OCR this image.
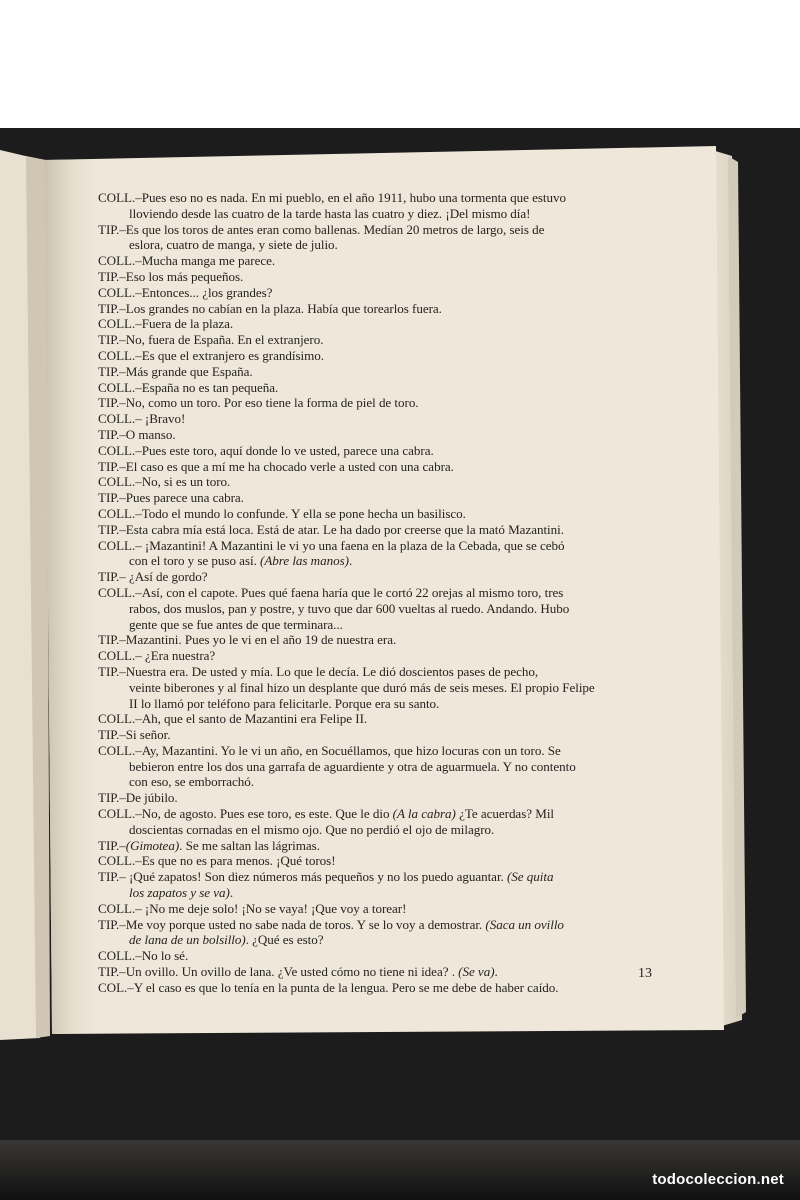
COLL.–Pues eso no es nada. En mi pueblo, en el año 1911, hubo una tormenta que estuvo

lloviendo desde las cuatro de la tarde hasta las cuatro y diez. ¡Del mismo día!

TIP.–Es que los toros de antes eran como ballenas. Medían 20 metros de largo, seis de

eslora, cuatro de manga, y siete de julio.

COLL.–Mucha manga me parece.

TIP.–Eso los más pequeños.

COLL.–Entonces... ¿los grandes?

TIP.–Los grandes no cabían en la plaza. Había que torearlos fuera.

COLL.–Fuera de la plaza.

TIP.–No, fuera de España. En el extranjero.

COLL.–Es que el extranjero es grandísimo.

TIP.–Más grande que España.

COLL.–España no es tan pequeña.

TIP.–No, como un toro. Por eso tiene la forma de piel de toro.

COLL.– ¡Bravo!

TIP.–O manso.

COLL.–Pues este toro, aquí donde lo ve usted, parece una cabra.

TIP.–El caso es que a mí me ha chocado verle a usted con una cabra.

COLL.–No, si es un toro.

TIP.–Pues parece una cabra.

COLL.–Todo el mundo lo confunde. Y ella se pone hecha un basilisco.

TIP.–Esta cabra mía está loca. Está de atar. Le ha dado por creerse que la mató Mazantini.

COLL.– ¡Mazantini! A Mazantini le vi yo una faena en la plaza de la Cebada, que se cebó

con el toro y se puso así. (Abre las manos).

TIP.– ¿Así de gordo?

COLL.–Así, con el capote. Pues qué faena haría que le cortó 22 orejas al mismo toro, tres

rabos, dos muslos, pan y postre, y tuvo que dar 600 vueltas al ruedo. Andando. Hubo

gente que se fue antes de que terminara...

TIP.–Mazantini. Pues yo le vi en el año 19 de nuestra era.

COLL.– ¿Era nuestra?

TIP.–Nuestra era. De usted y mía. Lo que le decía. Le dió doscientos pases de pecho,

veinte biberones y al final hizo un desplante que duró más de seis meses. El propio Felipe

II lo llamó por teléfono para felicitarle. Porque era su santo.

COLL.–Ah, que el santo de Mazantini era Felipe II.

TIP.–Si señor.

COLL.–Ay, Mazantini. Yo le vi un año, en Socuéllamos, que hizo locuras con un toro. Se

bebieron entre los dos una garrafa de aguardiente y otra de aguarmuela. Y no contento

con eso, se emborrachó.

TIP.–De júbilo.

COLL.–No, de agosto. Pues ese toro, es este. Que le dio (A la cabra) ¿Te acuerdas? Mil

doscientas cornadas en el mismo ojo. Que no perdió el ojo de milagro.

TIP.–(Gimotea). Se me saltan las lágrimas.

COLL.–Es que no es para menos. ¡Qué toros!

TIP.– ¡Qué zapatos! Son diez números más pequeños y no los puedo aguantar. (Se quita

los zapatos y se va).

COLL.– ¡No me deje solo! ¡No se vaya! ¡Que voy a torear!

TIP.–Me voy porque usted no sabe nada de toros. Y se lo voy a demostrar. (Saca un ovillo

de lana de un bolsillo). ¿Qué es esto?

COLL.–No lo sé.

TIP.–Un ovillo. Un ovillo de lana. ¿Ve usted cómo no tiene ni idea? . (Se va).

COL.–Y el caso es que lo tenía en la punta de la lengua. Pero se me debe de haber caído.

13
todocoleccion.net
